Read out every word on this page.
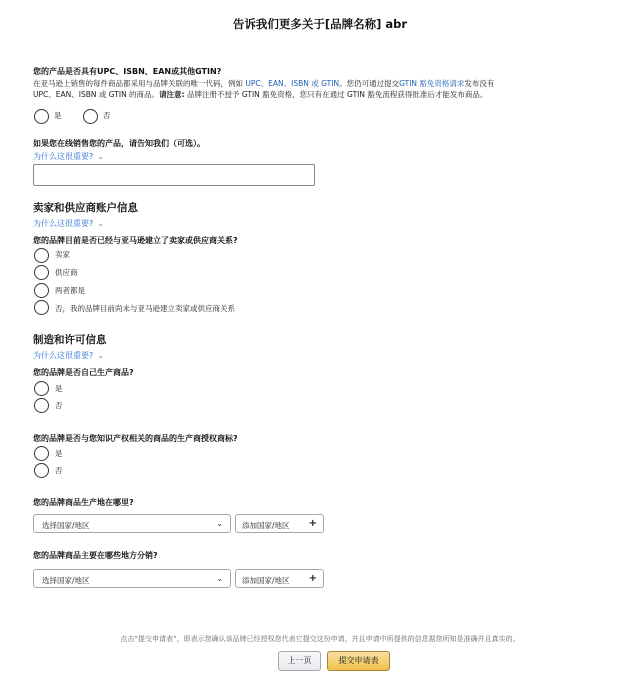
告诉我们更多关于[品牌名称] abr
您的产品是否具有UPC、ISBN、EAN或其他GTIN?
在亚马逊上销售的每件商品都采用与品牌关联的唯一代码，例如 UPC、EAN、ISBN 或 GTIN。您仍可通过提交GTIN 豁免资格请求发布没有
UPC、EAN、ISBN 或 GTIN 的商品。请注意: 品牌注册不授予 GTIN 豁免资格，您只有在通过 GTIN 豁免流程获得批准后才能发布商品。
是	否
如果您在线销售您的产品，请告知我们（可选）。
为什么这很重要? ⌄
卖家和供应商账户信息
为什么这很重要? ⌄
您的品牌目前是否已经与亚马逊建立了卖家或供应商关系?
卖家
供应商
两者都是
否，我的品牌目前尚未与亚马逊建立卖家或供应商关系
制造和许可信息
为什么这很重要? ⌄
您的品牌是否自己生产商品?
是
否
您的品牌是否与您知识产权相关的商品的生产商授权商标?
是
否
您的品牌商品生产地在哪里?
选择国家/地区	⌄	添加国家/地区 +
您的品牌商品主要在哪些地方分销?
选择国家/地区	⌄	添加国家/地区 +
点击“提交申请表”，即表示您确认该品牌已经授权您代表它提交这份申请，并且申请中所提供的信息据您所知是准确并且真实的。
上一页	提交申请表
